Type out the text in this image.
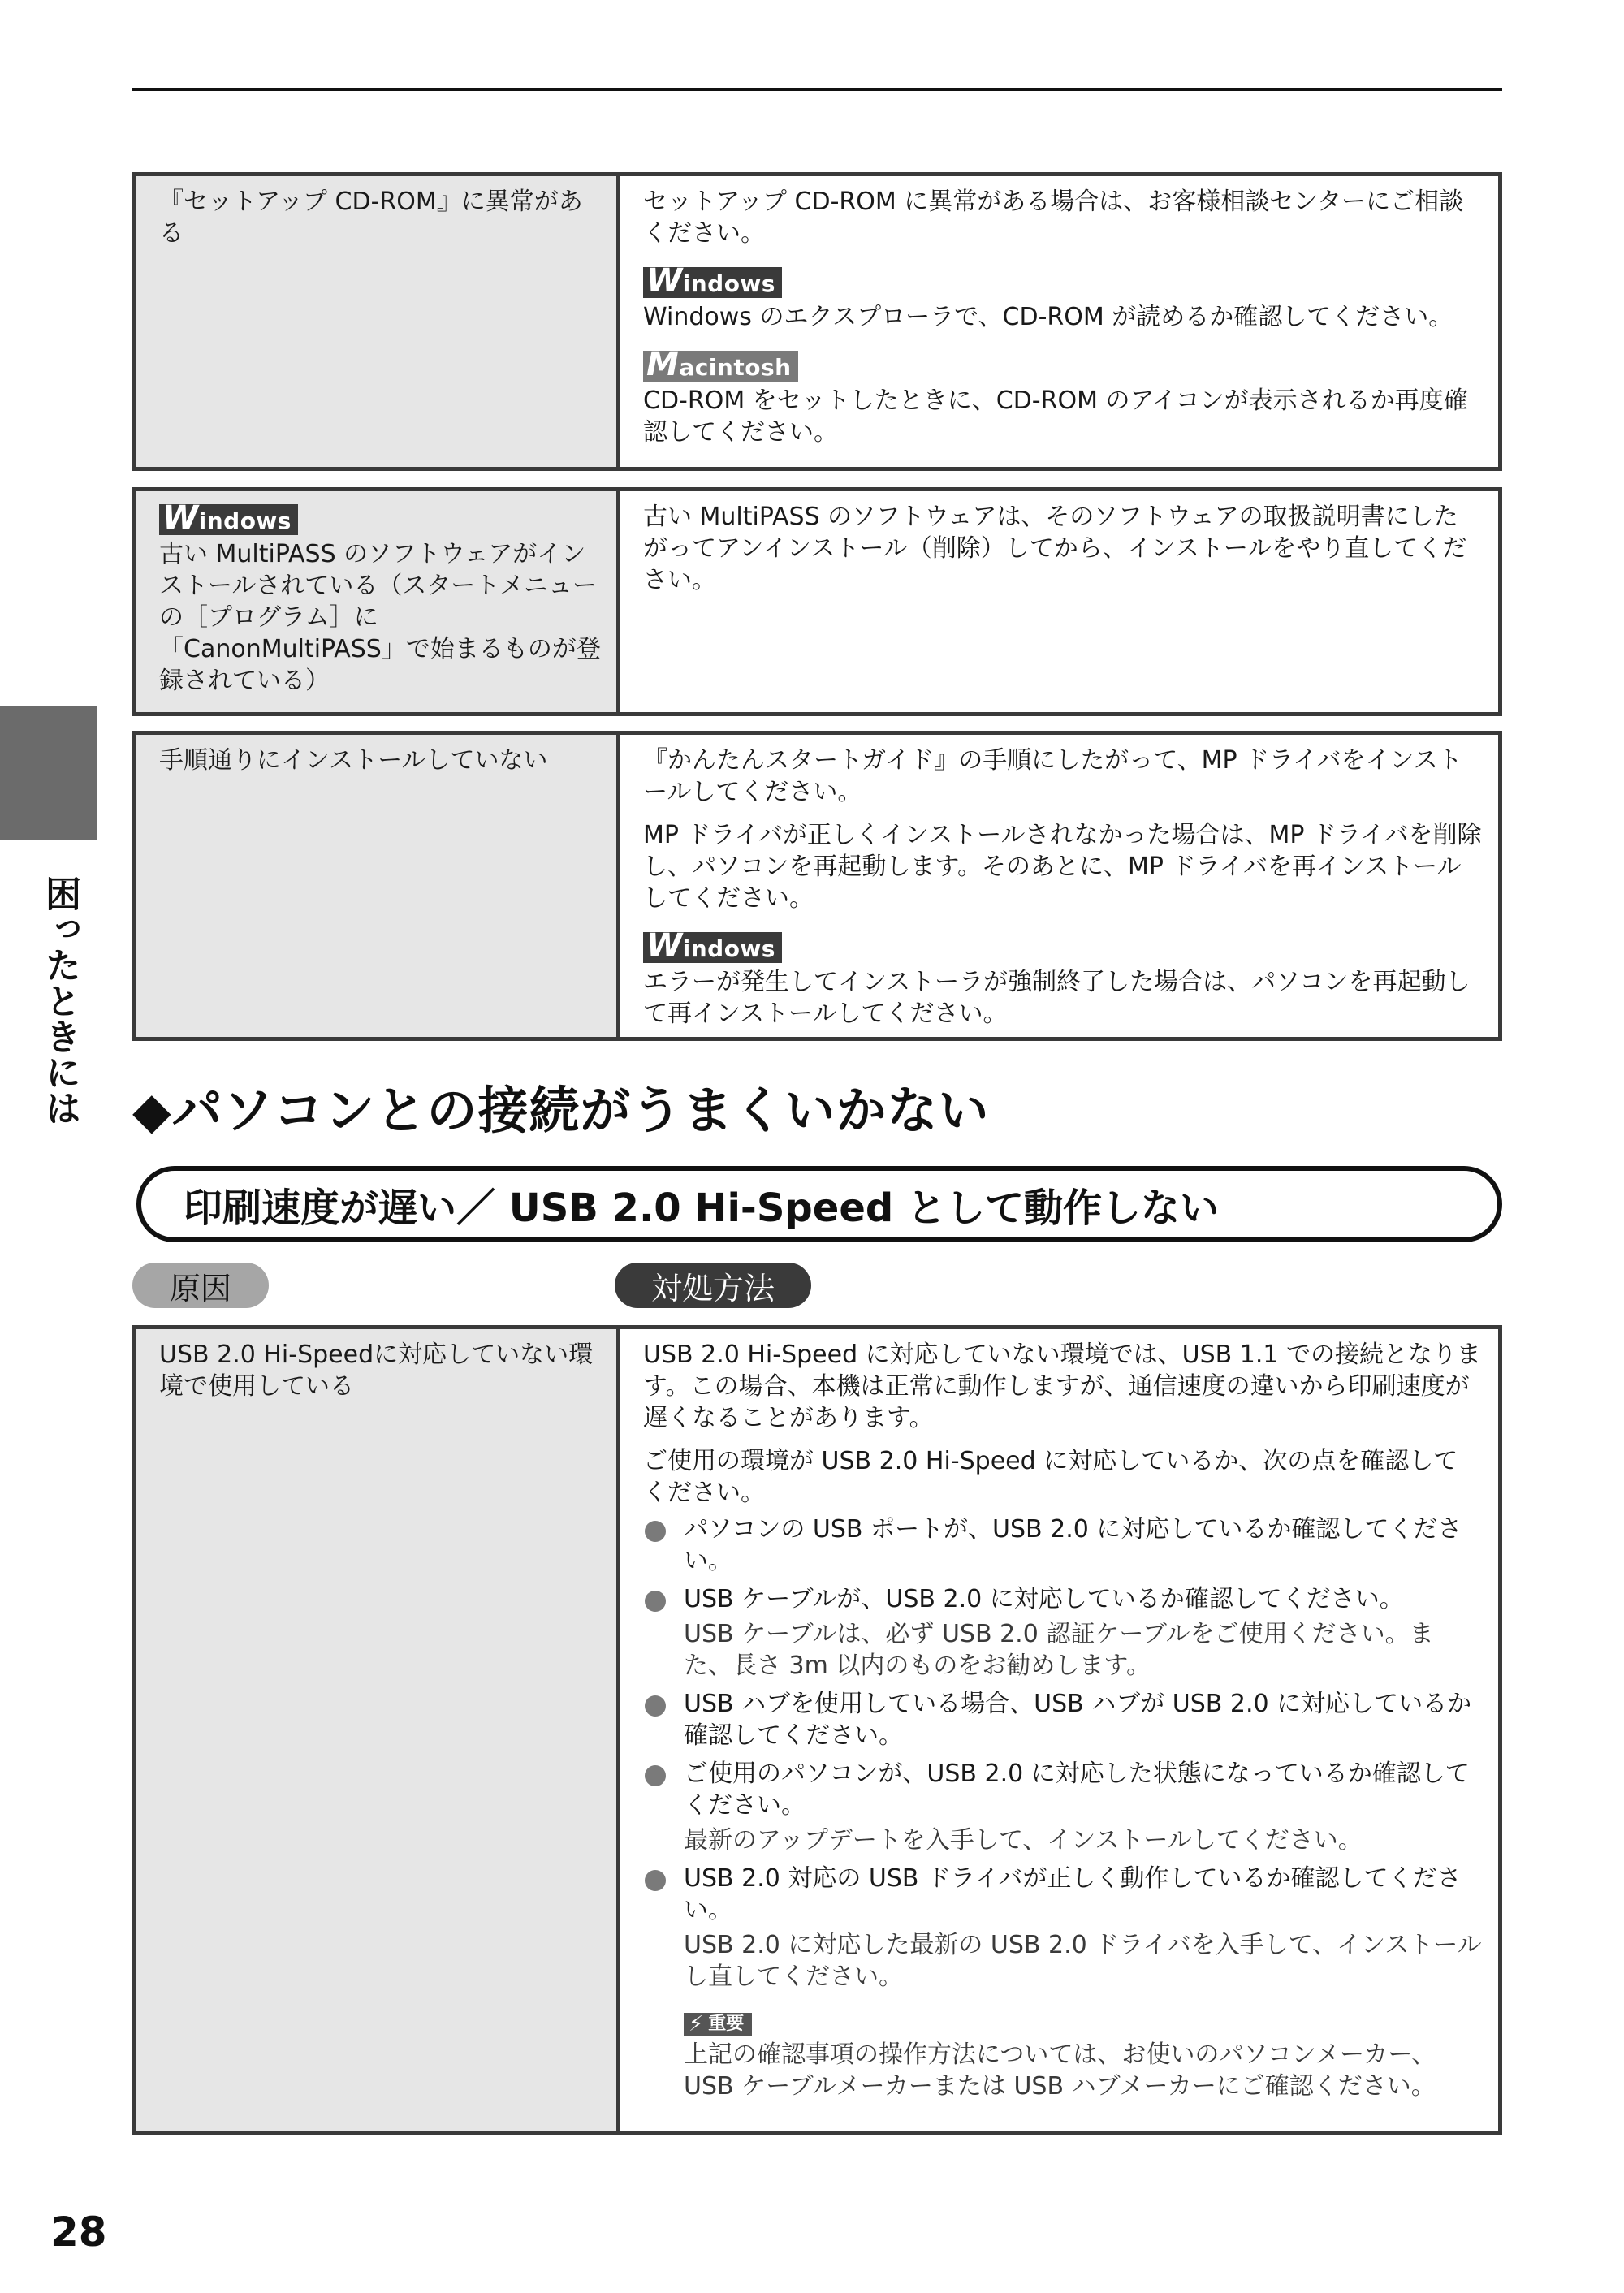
困ったときには

『セットアップ CD-ROM』に異常がある

セットアップ CD-ROM に異常がある場合は、お客様相談センターにご相談ください。

Windows

Windows のエクスプローラで、CD-ROM が読めるか確認してください。

Macintosh

CD-ROM をセットしたときに、CD-ROM のアイコンが表示されるか再度確認してください。

Windows

古い MultiPASS のソフトウェアがインストールされている（スタートメニューの［プログラム］に「CanonMultiPASS」で始まるものが登録されている）

古い MultiPASS のソフトウェアは、そのソフトウェアの取扱説明書にしたがってアンインストール（削除）してから、インストールをやり直してください。

手順通りにインストールしていない	『かんたんスタートガイド』の手順にしたがって、MP ドライバをインストールしてください。

MP ドライバが正しくインストールされなかった場合は、MP ドライバを削除し、パソコンを再起動します。そのあとに、MP ドライバを再インストールしてください。

Windows

エラーが発生してインストーラが強制終了した場合は、パソコンを再起動して再インストールしてください。

◆パソコンとの接続がうまくいかない
印刷速度が遅い／ USB 2.0 Hi-Speed として動作しない
原因	対処方法

USB 2.0 Hi-Speedに対応していない環境で使用している

USB 2.0 Hi-Speed に対応していない環境では、USB 1.1 での接続となります。この場合、本機は正常に動作しますが、通信速度の違いから印刷速度が遅くなることがあります。

ご使用の環境が USB 2.0 Hi-Speed に対応しているか、次の点を確認してください。

パソコンの USB ポートが、USB 2.0 に対応しているか確認してください。
USB ケーブルが、USB 2.0 に対応しているか確認してください。
USB ケーブルは、必ず USB 2.0 認証ケーブルをご使用ください。また、長さ 3m 以内のものをお勧めします。
USB ハブを使用している場合、USB ハブが USB 2.0 に対応しているか確認してください。
ご使用のパソコンが、USB 2.0 に対応した状態になっているか確認してください。
最新のアップデートを入手して、インストールしてください。
USB 2.0 対応の USB ドライバが正しく動作しているか確認してください。
USB 2.0 に対応した最新の USB 2.0 ドライバを入手して、インストールし直してください。
⚡ 重要
上記の確認事項の操作方法については、お使いのパソコンメーカー、USB ケーブルメーカーまたは USB ハブメーカーにご確認ください。
28
